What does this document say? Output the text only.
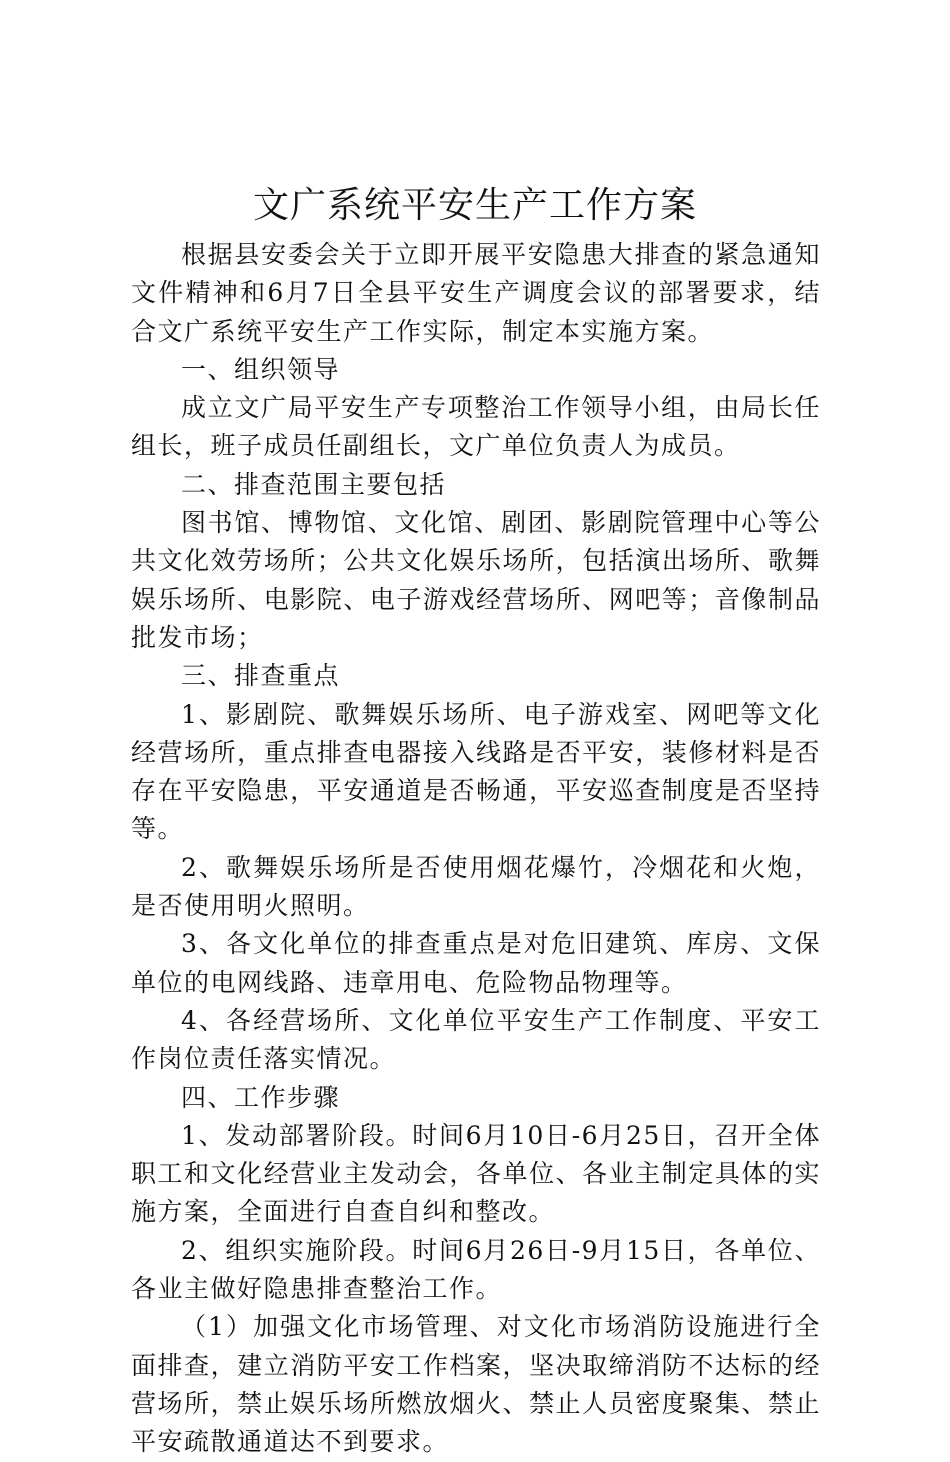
文广系统平安生产工作方案

根据县安委会关于立即开展平安隐患大排查的紧急通知文件精神和6月7日全县平安生产调度会议的部署要求，结合文广系统平安生产工作实际，制定本实施方案。

一、组织领导

成立文广局平安生产专项整治工作领导小组，由局长任组长，班子成员任副组长，文广单位负责人为成员。

二、排查范围主要包括

图书馆、博物馆、文化馆、剧团、影剧院管理中心等公共文化效劳场所；公共文化娱乐场所，包括演出场所、歌舞娱乐场所、电影院、电子游戏经营场所、网吧等；音像制品批发市场；

三、排查重点

1、影剧院、歌舞娱乐场所、电子游戏室、网吧等文化经营场所，重点排查电器接入线路是否平安，装修材料是否存在平安隐患，平安通道是否畅通，平安巡查制度是否坚持等。

2、歌舞娱乐场所是否使用烟花爆竹，冷烟花和火炮，是否使用明火照明。

3、各文化单位的排查重点是对危旧建筑、库房、文保单位的电网线路、违章用电、危险物品物理等。

4、各经营场所、文化单位平安生产工作制度、平安工作岗位责任落实情况。

四、工作步骤

1、发动部署阶段。时间6月10日-6月25日，召开全体职工和文化经营业主发动会，各单位、各业主制定具体的实施方案，全面进行自查自纠和整改。

2、组织实施阶段。时间6月26日-9月15日，各单位、各业主做好隐患排查整治工作。

（1）加强文化市场管理、对文化市场消防设施进行全面排查，建立消防平安工作档案，坚决取缔消防不达标的经营场所，禁止娱乐场所燃放烟火、禁止人员密度聚集、禁止平安疏散通道达不到要求。
